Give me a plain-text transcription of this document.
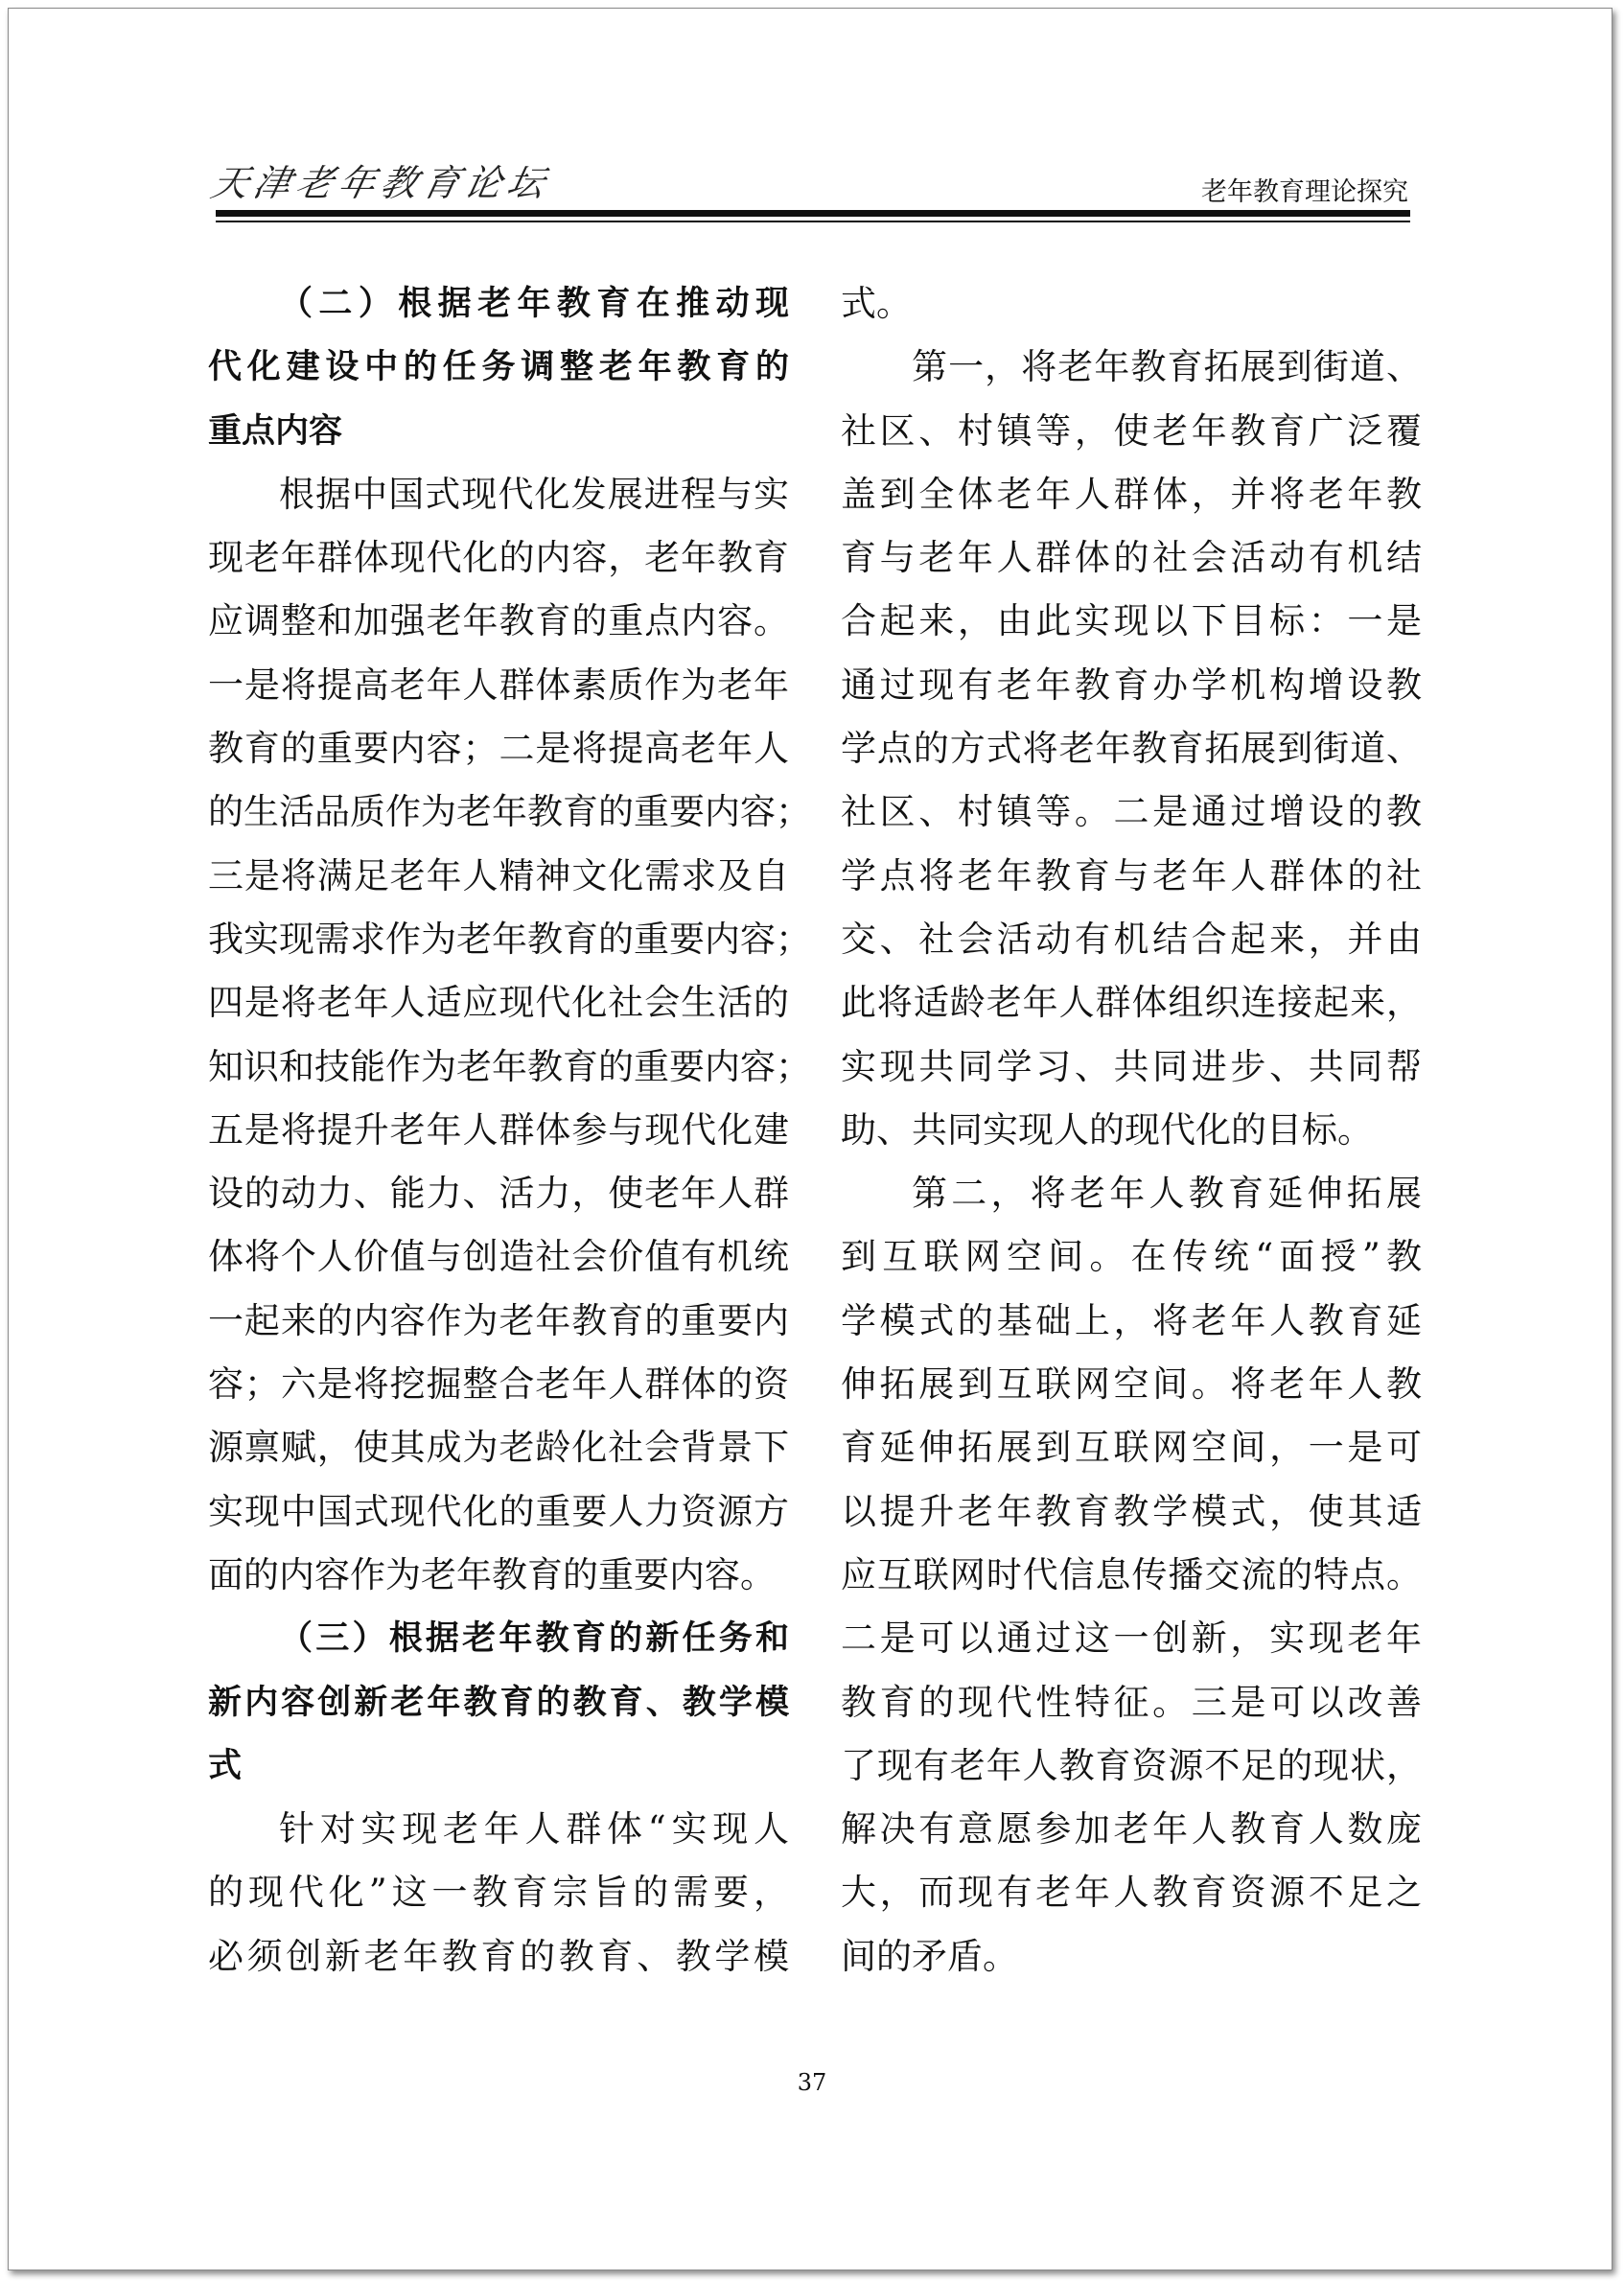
天津老年教育论坛	老年教育理论探究
（二）根据老年教育在推动现
代化建设中的任务调整老年教育的
重点内容
根据中国式现代化发展进程与实
现老年群体现代化的内容，老年教育
应调整和加强老年教育的重点内容。
一是将提高老年人群体素质作为老年
教育的重要内容；二是将提高老年人
的生活品质作为老年教育的重要内容；
三是将满足老年人精神文化需求及自
我实现需求作为老年教育的重要内容；
四是将老年人适应现代化社会生活的
知识和技能作为老年教育的重要内容；
五是将提升老年人群体参与现代化建
设的动力、能力、活力，使老年人群
体将个人价值与创造社会价值有机统
一起来的内容作为老年教育的重要内
容；六是将挖掘整合老年人群体的资
源禀赋，使其成为老龄化社会背景下
实现中国式现代化的重要人力资源方
面的内容作为老年教育的重要内容。
（三）根据老年教育的新任务和
新内容创新老年教育的教育、教学模
式
针对实现老年人群体“实现人
的现代化”这一教育宗旨的需要，
必须创新老年教育的教育、教学模
式。
第一，将老年教育拓展到街道、
社区、村镇等，使老年教育广泛覆
盖到全体老年人群体，并将老年教
育与老年人群体的社会活动有机结
合起来，由此实现以下目标：一是
通过现有老年教育办学机构增设教
学点的方式将老年教育拓展到街道、
社区、村镇等。二是通过增设的教
学点将老年教育与老年人群体的社
交、社会活动有机结合起来，并由
此将适龄老年人群体组织连接起来，
实现共同学习、共同进步、共同帮
助、共同实现人的现代化的目标。
第二，将老年人教育延伸拓展
到互联网空间。在传统“面授”教
学模式的基础上，将老年人教育延
伸拓展到互联网空间。将老年人教
育延伸拓展到互联网空间，一是可
以提升老年教育教学模式，使其适
应互联网时代信息传播交流的特点。
二是可以通过这一创新，实现老年
教育的现代性特征。三是可以改善
了现有老年人教育资源不足的现状，
解决有意愿参加老年人教育人数庞
大，而现有老年人教育资源不足之
间的矛盾。
37
